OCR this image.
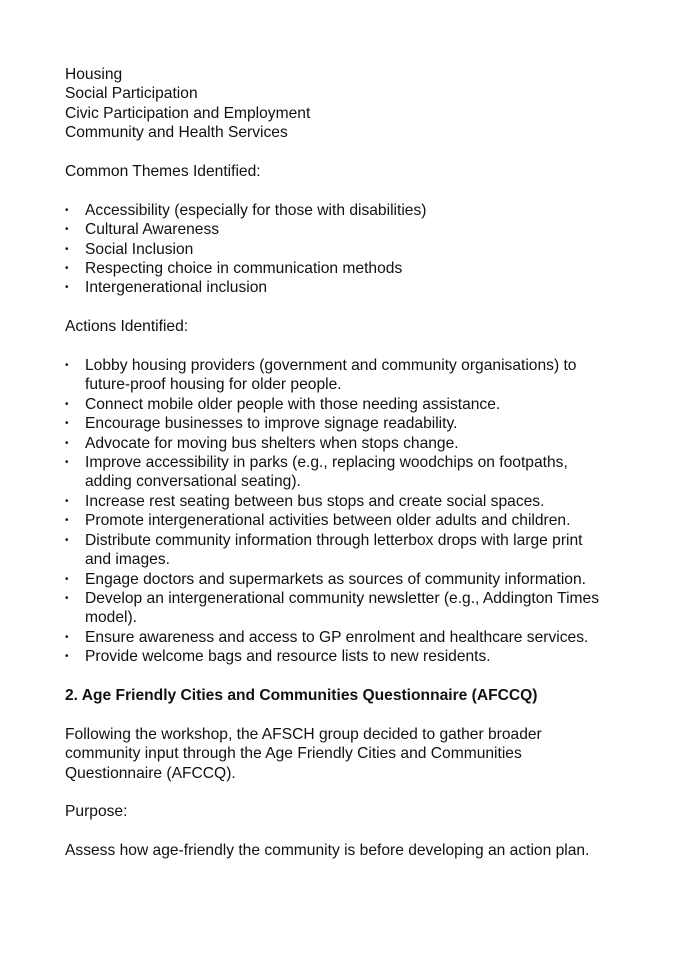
Housing
Social Participation
Civic Participation and Employment
Community and Health Services
Common Themes Identified:
•	Accessibility (especially for those with disabilities)
•	Cultural Awareness
•	Social Inclusion
•	Respecting choice in communication methods
•	Intergenerational inclusion
Actions Identified:
•	Lobby housing providers (government and community organisations) to
future-proof housing for older people.
•	Connect mobile older people with those needing assistance.
•	Encourage businesses to improve signage readability.
•	Advocate for moving bus shelters when stops change.
•	Improve accessibility in parks (e.g., replacing woodchips on footpaths,
adding conversational seating).
•	Increase rest seating between bus stops and create social spaces.
•	Promote intergenerational activities between older adults and children.
•	Distribute community information through letterbox drops with large print
and images.
•	Engage doctors and supermarkets as sources of community information.
•	Develop an intergenerational community newsletter (e.g., Addington Times
model).
•	Ensure awareness and access to GP enrolment and healthcare services.
•	Provide welcome bags and resource lists to new residents.
2. Age Friendly Cities and Communities Questionnaire (AFCCQ)
Following the workshop, the AFSCH group decided to gather broader
community input through the Age Friendly Cities and Communities
Questionnaire (AFCCQ).
Purpose:
Assess how age-friendly the community is before developing an action plan.
